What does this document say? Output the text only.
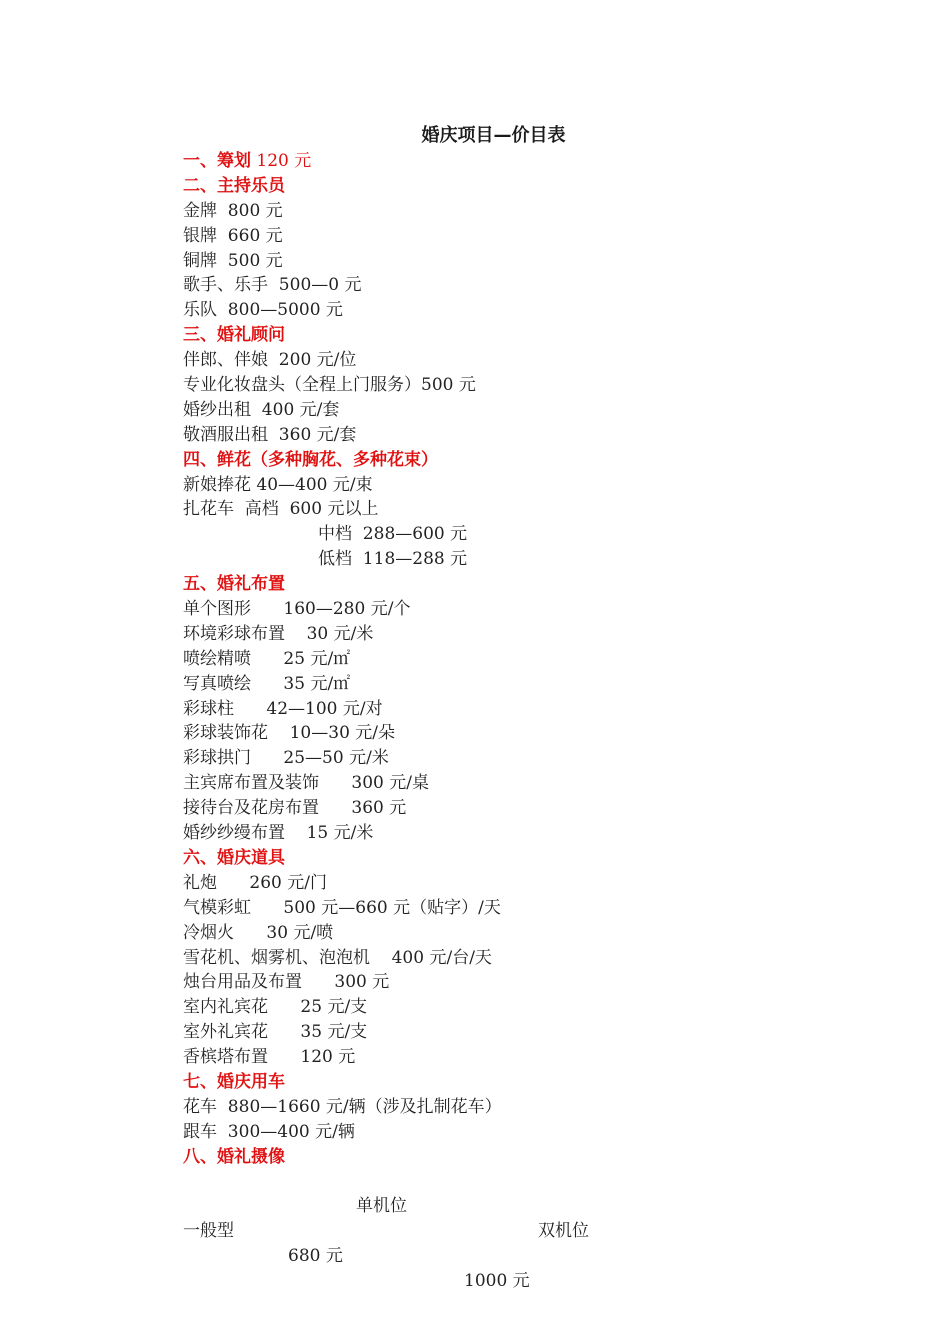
婚庆项目—价目表
一、筹划 120 元
二、主持乐员
金牌  800 元
银牌  660 元
铜牌  500 元
歌手、乐手  500—0 元
乐队  800—5000 元
三、婚礼顾问
伴郎、伴娘  200 元/位
专业化妆盘头（全程上门服务）500 元
婚纱出租  400 元/套
敬酒服出租  360 元/套
四、鲜花（多种胸花、多种花束）
新娘捧花 40—400 元/束
扎花车  高档  600 元以上
中档  288—600 元
低档  118—288 元
五、婚礼布置
单个图形      160—280 元/个
环境彩球布置    30 元/米
喷绘精喷      25 元/㎡
写真喷绘      35 元/㎡
彩球柱      42—100 元/对
彩球装饰花    10—30 元/朵
彩球拱门      25—50 元/米
主宾席布置及装饰      300 元/桌
接待台及花房布置      360 元
婚纱纱缦布置    15 元/米
六、婚庆道具
礼炮      260 元/门
气模彩虹      500 元—660 元（贴字）/天
冷烟火      30 元/喷
雪花机、烟雾机、泡泡机    400 元/台/天
烛台用品及布置      300 元
室内礼宾花      25 元/支
室外礼宾花      35 元/支
香槟塔布置      120 元
七、婚庆用车
花车  880—1660 元/辆（涉及扎制花车）
跟车  300—400 元/辆
八、婚礼摄像

单机位

双机位

一般型

680 元

1000 元
